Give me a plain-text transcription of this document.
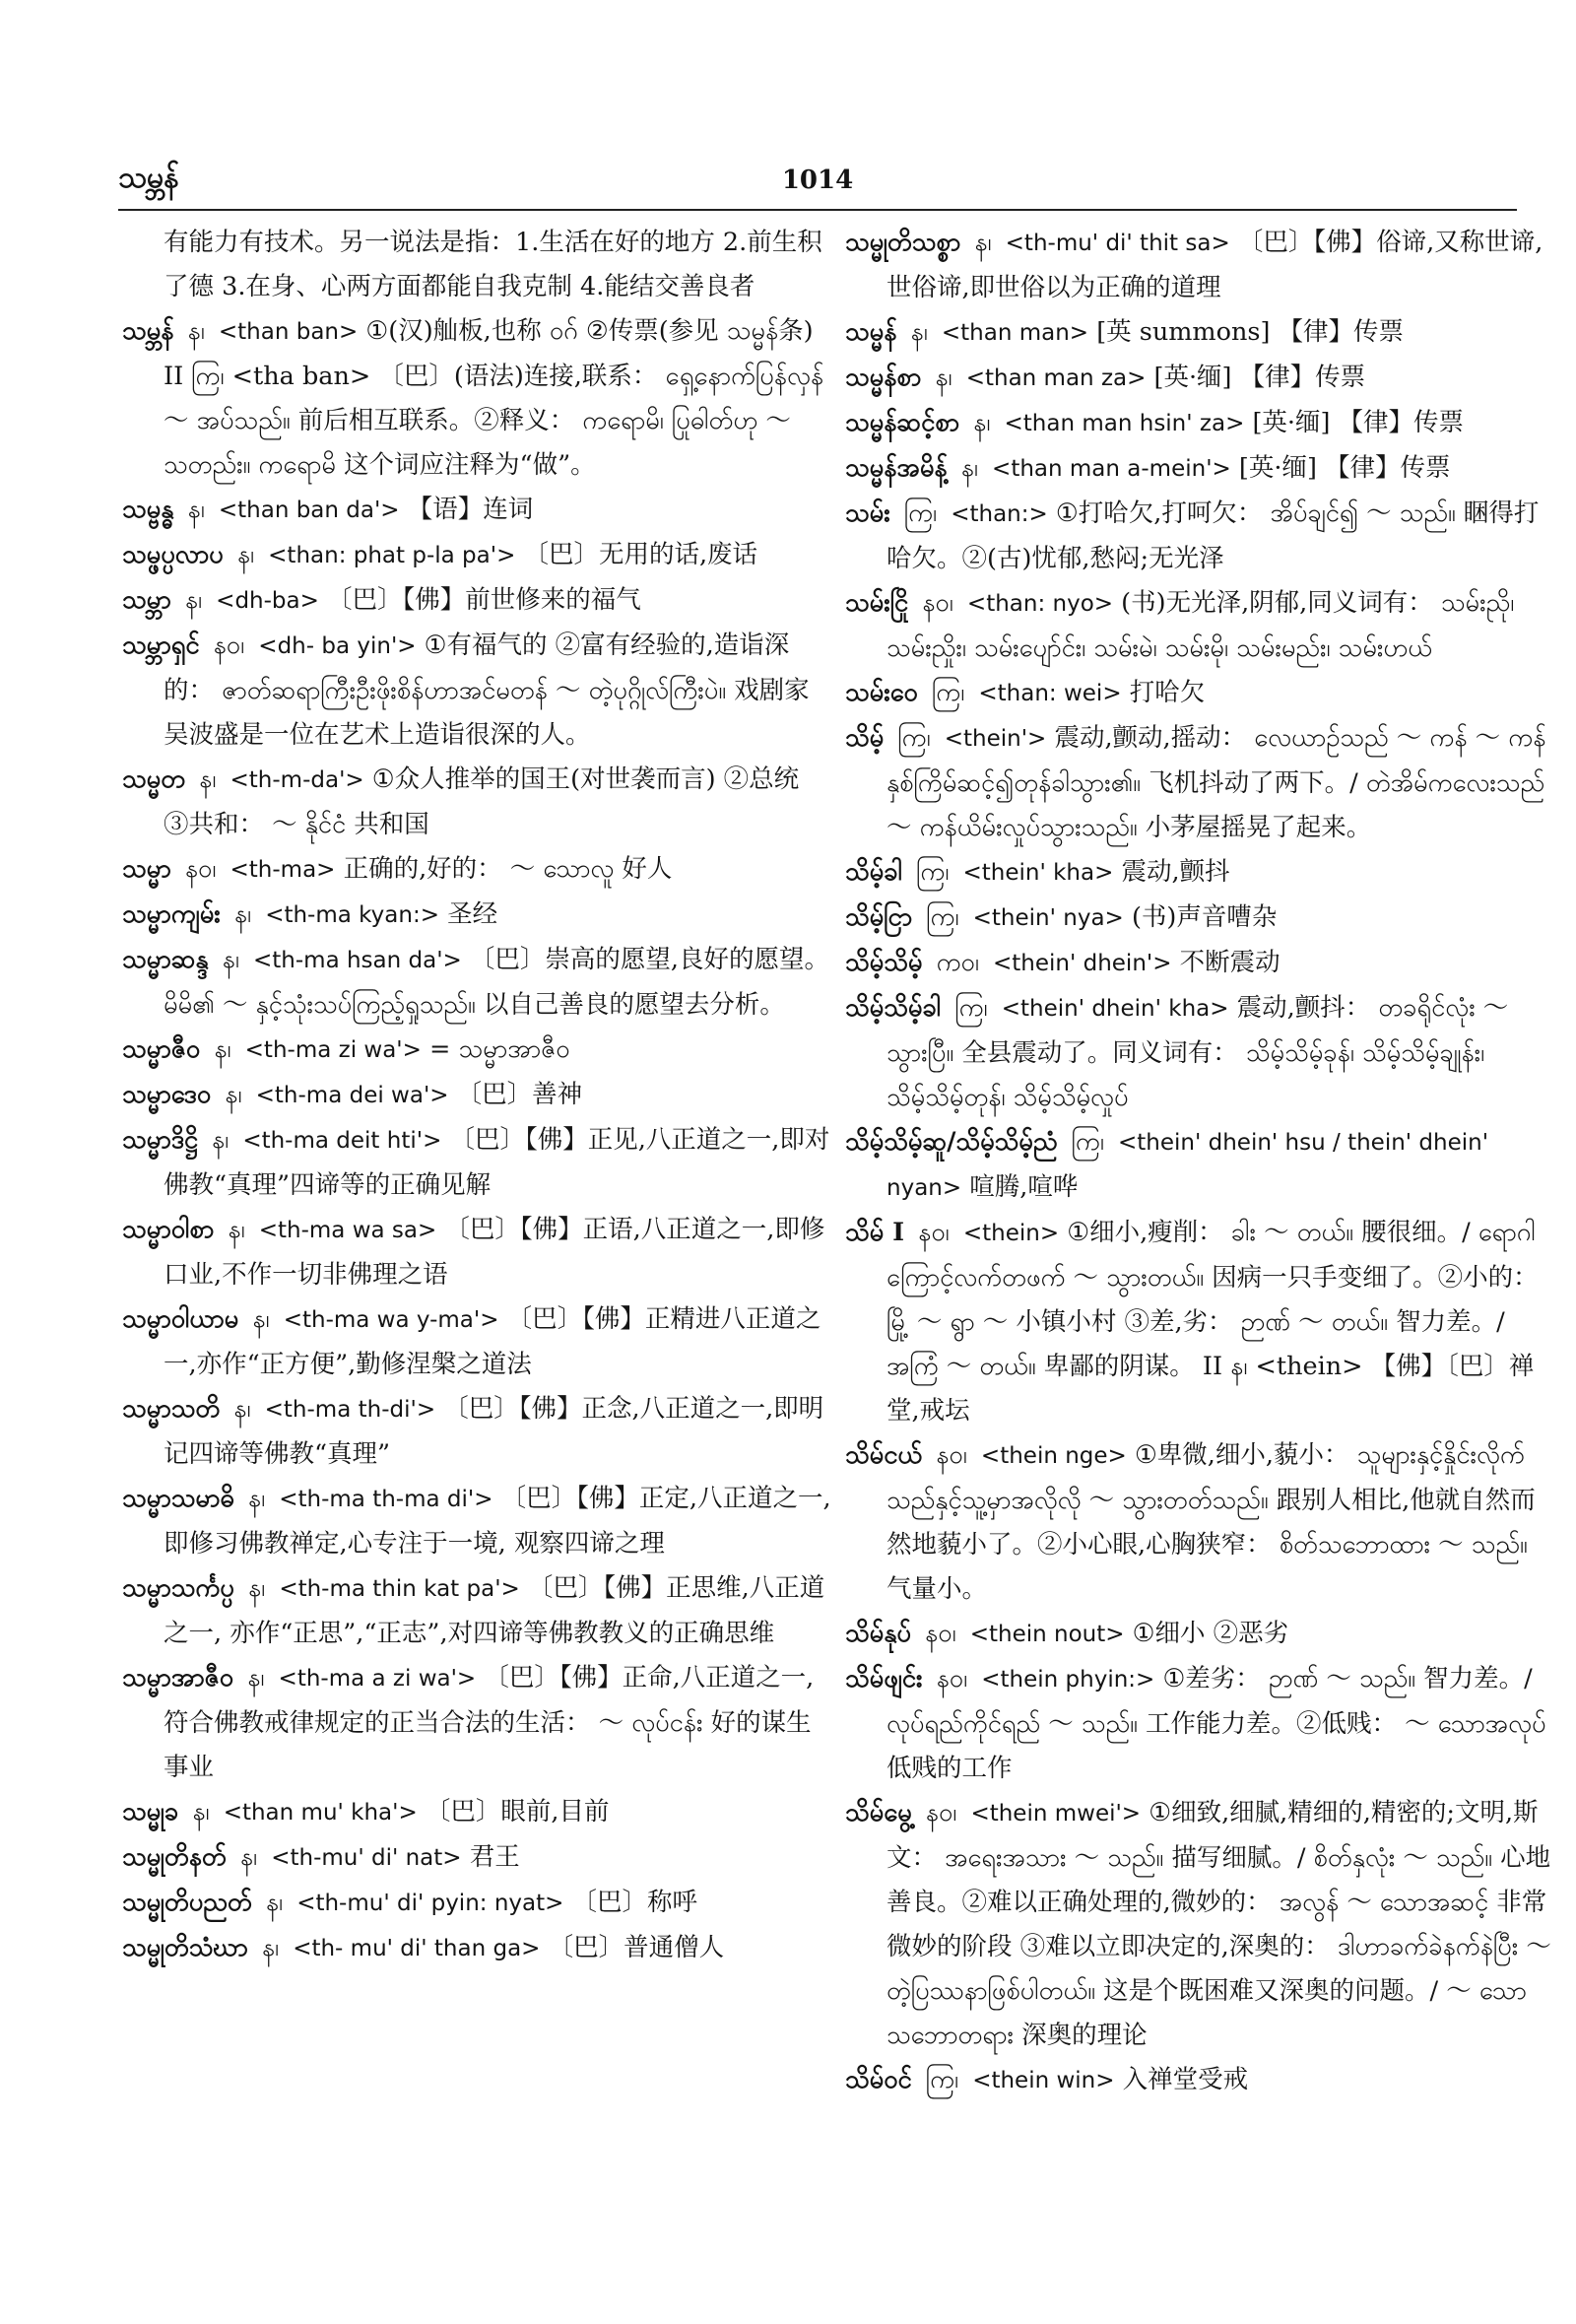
သမ္ဘန်	1014
有能力有技术。另一说法是指：1.生活在好的地方 2.前生积了德 3.在身、心两方面都能自我克制 4.能结交善良者
သမ္ဘန် န၊ <than ban> ①(汉)舢板,也称 ဝဂ် ②传票(参见 သမ္မန်条) II ကြ၊ <tha ban> 〔巴〕(语法)连接,联系： ရှေ့နောက်ပြန်လှန် ～ အပ်သည်။ 前后相互联系。②释义： ကရောမိ၊ ပြုဓါတ်ဟု ～ သတည်း။ ကရောမိ 这个词应注释为“做”。
သမ္ဗန္ဓ န၊ <than ban da'> 【语】连词
သမ္ဖပ္ပလာပ န၊ <than: phat p-la pa'> 〔巴〕无用的话,废话
သမ္ဘာ န၊ <dh-ba> 〔巴〕【佛】前世修来的福气
သမ္ဘာရှင် န၀၊ <dh- ba yin'> ①有福气的 ②富有经验的,造诣深的： ဇာတ်ဆရာကြီးဦးဖိုးစိန်ဟာအင်မတန် ～ တဲ့ပုဂ္ဂိုလ်ကြီးပဲ။ 戏剧家吴波盛是一位在艺术上造诣很深的人。
သမ္မတ န၊ <th-m-da'> ①众人推举的国王(对世袭而言) ②总统 ③共和： ～ နိုင်ငံ 共和国
သမ္မာ န၀၊ <th-ma> 正确的,好的： ～ သောလူ 好人
သမ္မာကျမ်း န၊ <th-ma kyan:> 圣经
သမ္မာဆန္ဒ န၊ <th-ma hsan da'> 〔巴〕崇高的愿望,良好的愿望。 မိမိ၏ ～ နှင့်သုံးသပ်ကြည့်ရှုသည်။ 以自己善良的愿望去分析。
သမ္မာဇီဝ န၊ <th-ma zi wa'> = သမ္မာအာဇီဝ
သမ္မာဒေဝ န၊ <th-ma dei wa'> 〔巴〕善神
သမ္မာဒိဋ္ဌိ န၊ <th-ma deit hti'> 〔巴〕【佛】正见,八正道之一,即对佛教“真理”四谛等的正确见解
သမ္မာဝါစာ န၊ <th-ma wa sa> 〔巴〕【佛】正语,八正道之一,即修口业,不作一切非佛理之语
သမ္မာဝါယာမ န၊ <th-ma wa y-ma'> 〔巴〕【佛】正精进八正道之一,亦作“正方便”,勤修涅槃之道法
သမ္မာသတိ န၊ <th-ma th-di'> 〔巴〕【佛】正念,八正道之一,即明记四谛等佛教“真理”
သမ္မာသမာဓိ န၊ <th-ma th-ma di'> 〔巴〕【佛】正定,八正道之一,即修习佛教禅定,心专注于一境, 观察四谛之理
သမ္မာသင်္ကပ္ပ န၊ <th-ma thin kat pa'> 〔巴〕【佛】正思维,八正道之一, 亦作“正思”,“正志”,对四谛等佛教教义的正确思维
သမ္မာအာဇီဝ န၊ <th-ma a zi wa'> 〔巴〕【佛】正命,八正道之一,符合佛教戒律规定的正当合法的生活： ～ လုပ်ငန်း 好的谋生事业
သမ္မုခ န၊ <than mu' kha'> 〔巴〕眼前,目前
သမ္မုတိနတ် န၊ <th-mu' di' nat> 君王
သမ္မုတိပညတ် န၊ <th-mu' di' pyin: nyat> 〔巴〕称呼
သမ္မုတိသံဃာ န၊ <th- mu' di' than ga> 〔巴〕普通僧人
သမ္မုတိသစ္စာ န၊ <th-mu' di' thit sa> 〔巴〕【佛】俗谛,又称世谛,世俗谛,即世俗以为正确的道理
သမ္မန် န၊ <than man> [英 summons] 【律】传票
သမ္မန်စာ န၊ <than man za> [英·缅] 【律】传票
သမ္မန်ဆင့်စာ န၊ <than man hsin' za> [英·缅] 【律】传票
သမ္မန်အမိန့် န၊ <than man a-mein'> [英·缅] 【律】传票
သမ်း ကြ၊ <than:> ①打哈欠,打呵欠： အိပ်ချင်၍ ～ သည်။ 睏得打哈欠。②(古)忧郁,愁闷;无光泽
သမ်းငြို န၀၊ <than: nyo> (书)无光泽,阴郁,同义词有： သမ်းညို၊ သမ်းညှိုး၊ သမ်းပျော်င်း၊ သမ်းမဲ၊ သမ်းမို၊ သမ်းမည်း၊ သမ်းဟယ်
သမ်းဝေ ကြ၊ <than: wei> 打哈欠
သိမ့် ကြ၊ <thein'> 震动,颤动,摇动： လေယာဉ်သည် ～ ကန် ～ ကန်နှစ်ကြိမ်ဆင့်၍တုန်ခါသွား၏။ 飞机抖动了两下。/ တဲအိမ်ကလေးသည် ～ ကန်ယိမ်းလှုပ်သွားသည်။ 小茅屋摇晃了起来。
သိမ့်ခါ ကြ၊ <thein' kha> 震动,颤抖
သိမ့်ငြာ ကြ၊ <thein' nya> (书)声音嘈杂
သိမ့်သိမ့် ကဝ၊ <thein' dhein'> 不断震动
သိမ့်သိမ့်ခါ ကြ၊ <thein' dhein' kha> 震动,颤抖： တခရိုင်လုံး ～ သွားပြီ။ 全县震动了。同义词有： သိမ့်သိမ့်ခုန်၊ သိမ့်သိမ့်ချုန်း၊ သိမ့်သိမ့်တုန်၊ သိမ့်သိမ့်လှုပ်
သိမ့်သိမ့်ဆူ/သိမ့်သိမ့်ညံ ကြ၊ <thein' dhein' hsu / thein' dhein' nyan> 喧腾,喧哗
သိမ် I န၀၊ <thein> ①细小,瘦削： ခါး ～ တယ်။ 腰很细。/ ရောဂါကြောင့်လက်တဖက် ～ သွားတယ်။ 因病一只手变细了。②小的： မြို့ ～ ရွာ ～ 小镇小村 ③差,劣： ဉာဏ် ～ တယ်။ 智力差。/ အကြံ ～ တယ်။ 卑鄙的阴谋。 II န၊ <thein> 【佛】〔巴〕禅堂,戒坛
သိမ်ငယ် န၀၊ <thein nge> ①卑微,细小,藐小： သူများနှင့်နှိုင်းလိုက်သည်နှင့်သူ့မှာအလိုလို ～ သွားတတ်သည်။ 跟别人相比,他就自然而然地藐小了。②小心眼,心胸狭窄： စိတ်သဘောထား ～ သည်။ 气量小。
သိမ်နုပ် န၀၊ <thein nout> ①细小 ②恶劣
သိမ်ဖျင်း န၀၊ <thein phyin:> ①差劣： ဉာဏ် ～ သည်။ 智力差。/ လုပ်ရည်ကိုင်ရည် ～ သည်။ 工作能力差。②低贱： ～ သောအလုပ် 低贱的工作
သိမ်မွေ့ န၀၊ <thein mwei'> ①细致,细腻,精细的,精密的;文明,斯文： အရေးအသား ～ သည်။ 描写细腻。/ စိတ်နှလုံး ～ သည်။ 心地善良。②难以正确处理的,微妙的： အလွန် ～ သောအဆင့် 非常微妙的阶段 ③难以立即决定的,深奥的： ဒါဟာခက်ခဲနက်နဲပြီး ～ တဲ့ပြဿနာဖြစ်ပါတယ်။ 这是个既困难又深奥的问题。/ ～ သောသဘောတရား 深奥的理论
သိမ်ဝင် ကြ၊ <thein win> 入禅堂受戒
